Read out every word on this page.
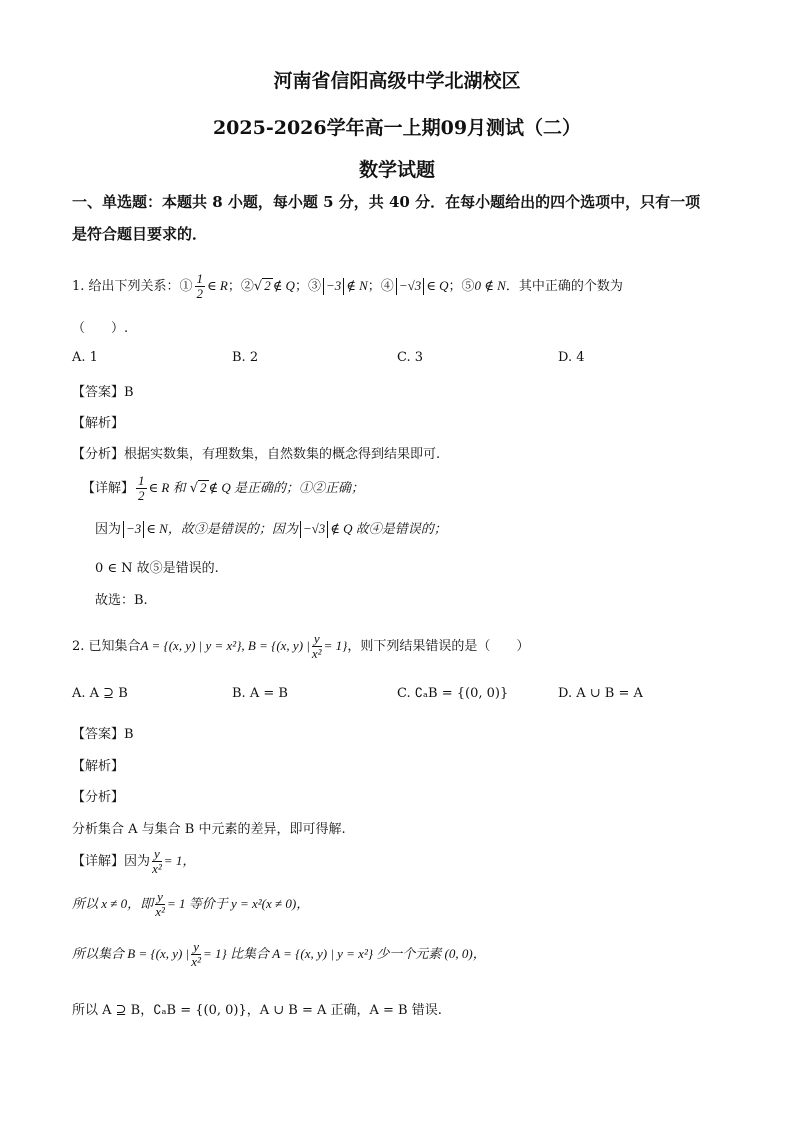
河南省信阳高级中学北湖校区
2025-2026学年高一上期09月测试（二）
数学试题
一、单选题：本题共 8 小题，每小题 5 分，共 40 分．在每小题给出的四个选项中，只有一项
是符合题目要求的．
1. 给出下列关系：① $\frac{1}{2}$ ∈ R；②√ 2 ∉ Q；③ −3 ∉ N；④ −√3 ∈ Q；⑤0 ∉ N．其中正确的个数为
（　　）.
A. 1	B. 2	C. 3	D. 4
【答案】B
【解析】
【分析】根据实数集，有理数集，自然数集的概念得到结果即可.
【详解】 $\frac{1}{2}$ ∈ R 和 √ 2 ∉ Q 是正确的；①②正确；
因为 −3 ∈ N，故③是错误的；因为 −√3 ∉ Q 故④是错误的；
0 ∈ N 故⑤是错误的.
故选：B.
2. 已知集合A = {(x, y) | y = x²}, B = {(x, y) | $\frac{y}{\text{x²}} = 1$}，则下列结果错误的是（　　）
A. A ⊇ B	B. A = B	C. ∁ₐB = {(0, 0)}	D. A ∪ B = A
【答案】B
【解析】
【分析】
分析集合 A 与集合 B 中元素的差异，即可得解.
【详解】因为 $\frac{y}{\text{x²}} = 1$，
所以 x ≠ 0，即 $\frac{y}{\text{x²}} = 1$ 等价于 y = x²(x ≠ 0)，
所以集合 B = {(x, y) | $\frac{y}{\text{x²}} = 1$} 比集合 A = {(x, y) | y = x²} 少一个元素 (0, 0)，
所以 A ⊇ B，∁ₐB = {(0, 0)}，A ∪ B = A 正确，A = B 错误.
